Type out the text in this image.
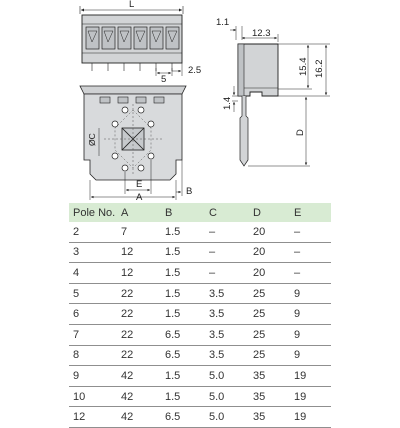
L
5
2.5
1.1
12.3
15.4 16.2
1.4
D
ØC
E
A
B
Pole No.	A	B	C	D	E
2	7	1.5	–	20	–
3	12	1.5	–	20	–
4	12	1.5	–	20	–
5	22	1.5	3.5	25	9
6	22	1.5	3.5	25	9
7	22	6.5	3.5	25	9
8	22	6.5	3.5	25	9
9	42	1.5	5.0	35	19
10	42	1.5	5.0	35	19
12	42	6.5	5.0	35	19
